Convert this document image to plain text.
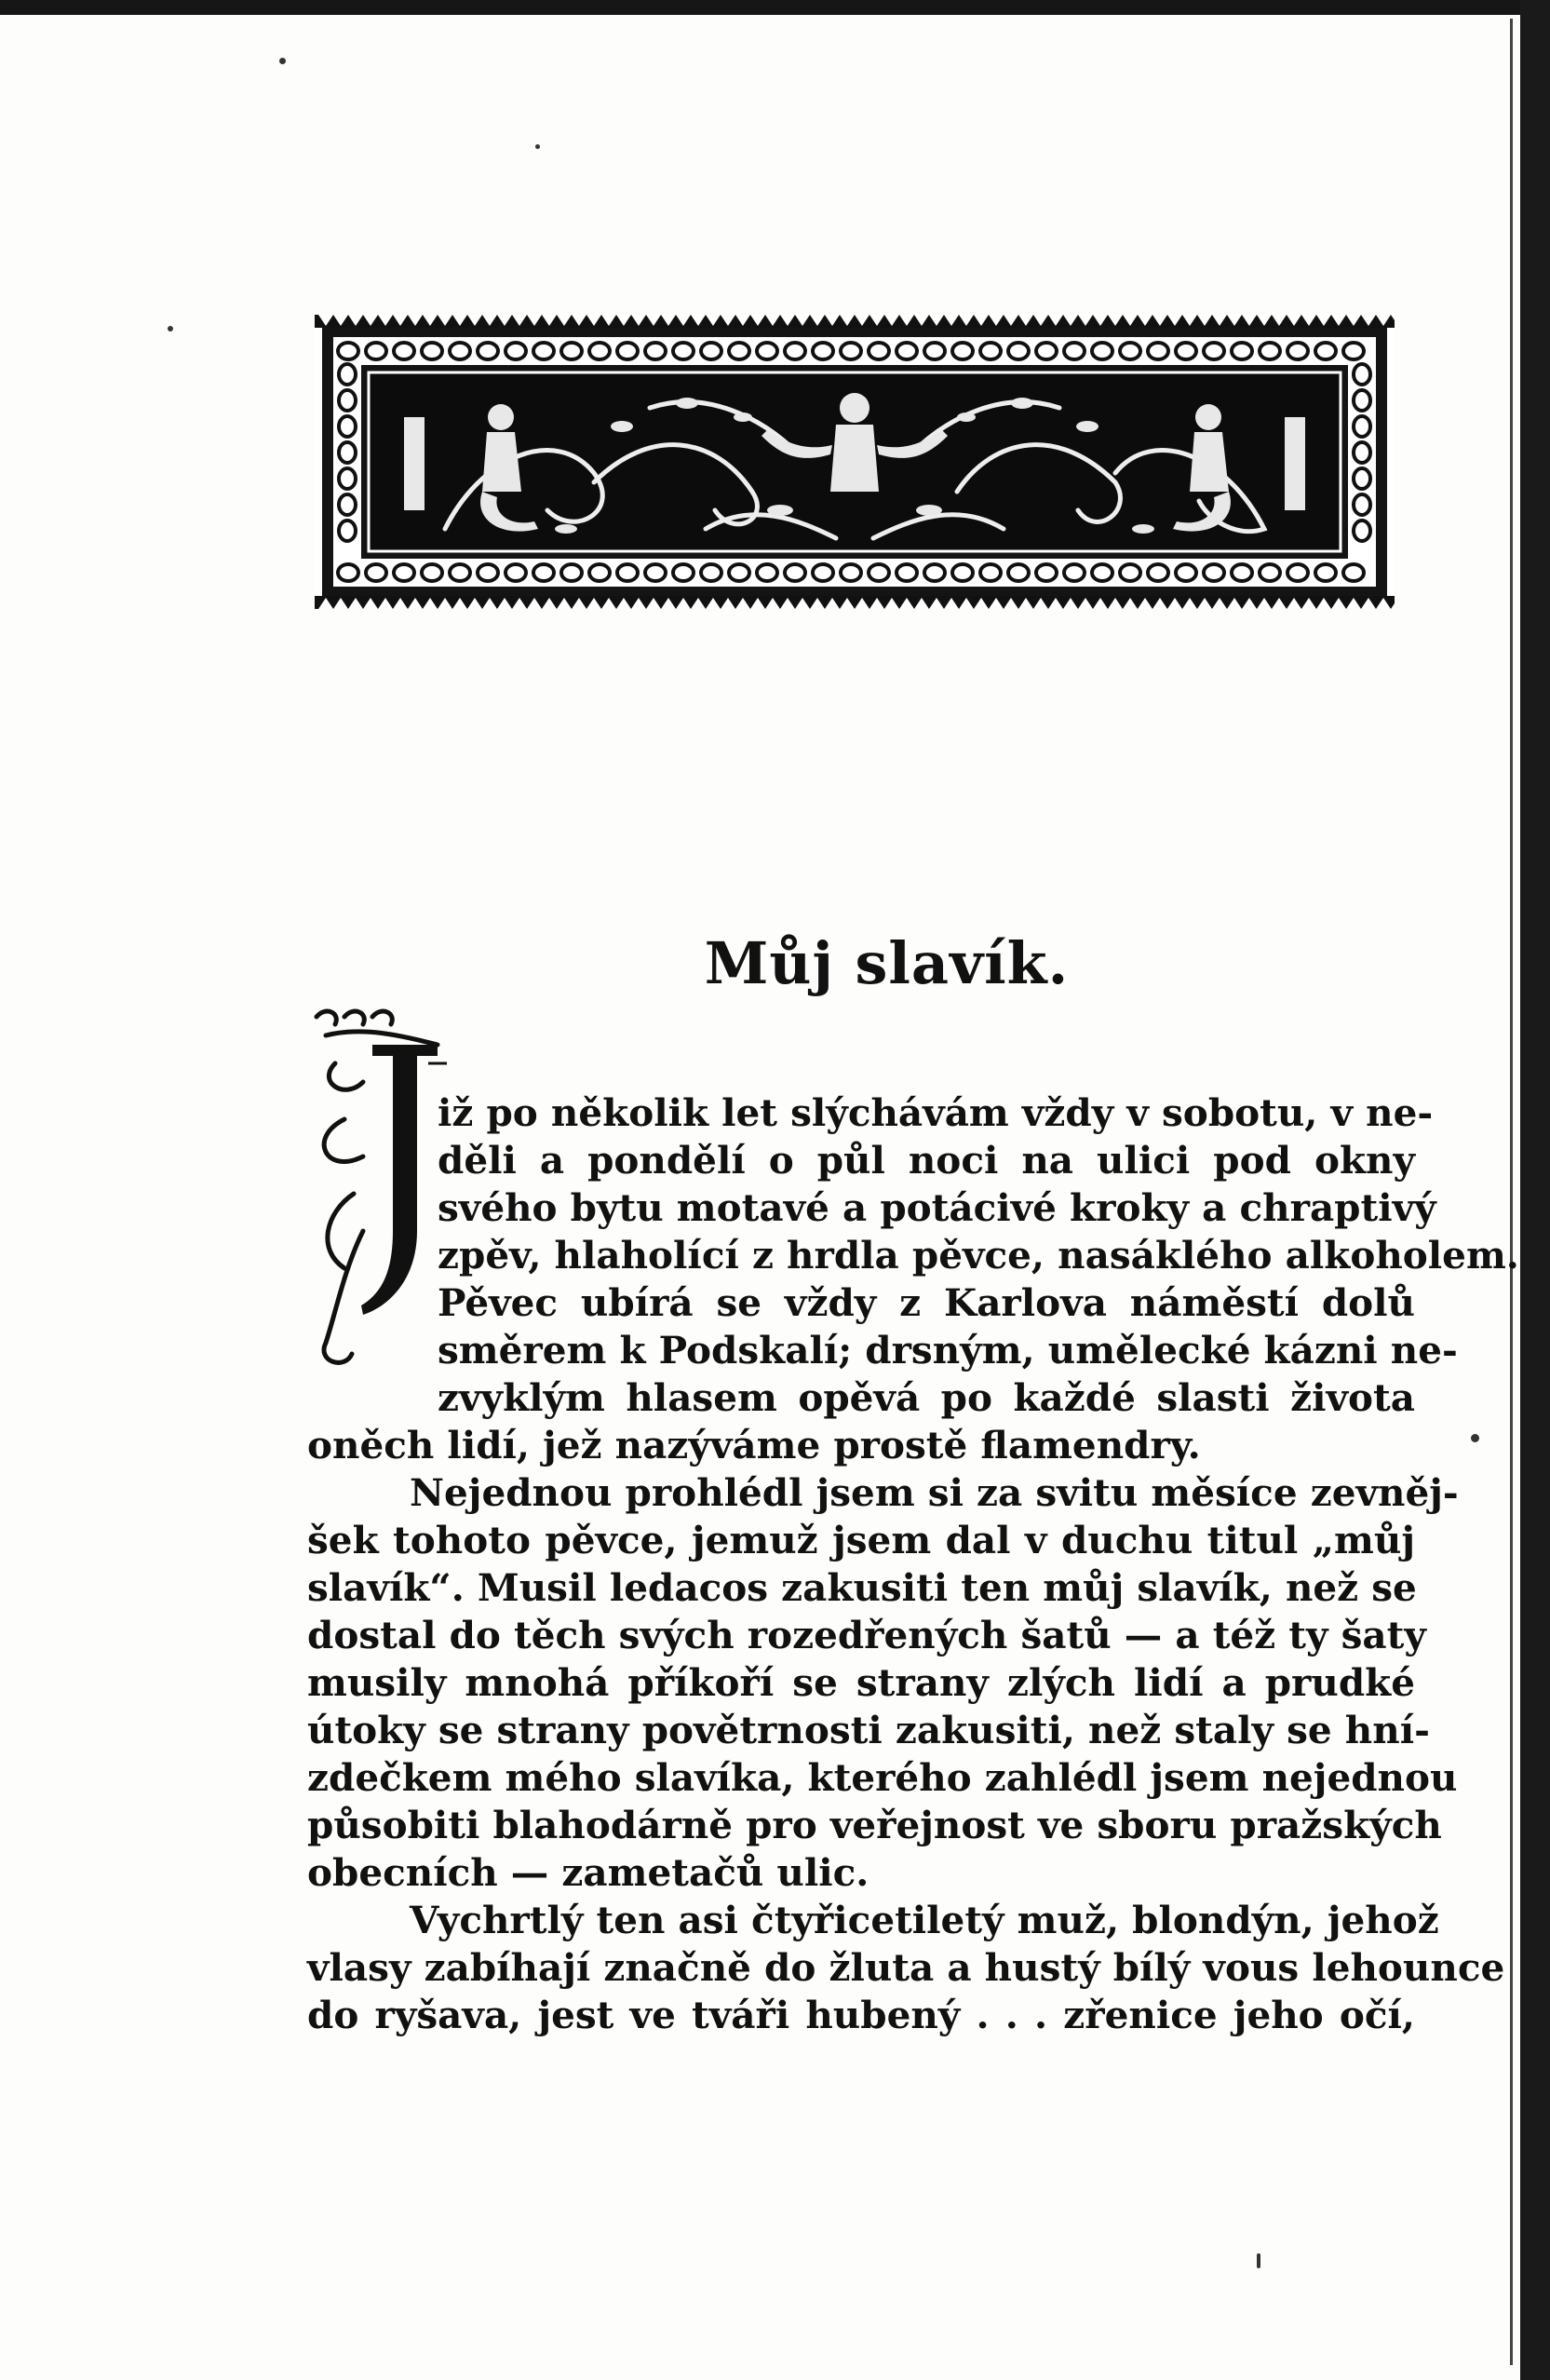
Můj slavík.
iž po několik let slýchávám vždy v sobotu, v ne-
děli a pondělí o půl noci na ulici pod okny
svého bytu motavé a potácivé kroky a chraptivý
zpěv, hlaholící z hrdla pěvce, nasáklého alkoholem.
Pěvec ubírá se vždy z Karlova náměstí dolů
směrem k Podskalí; drsným, umělecké kázni ne-
zvyklým hlasem opěvá po každé slasti života
oněch lidí, jež nazýváme prostě flamendry.
Nejednou prohlédl jsem si za svitu měsíce zevněj-
šek tohoto pěvce, jemuž jsem dal v duchu titul „můj
slavík“. Musil ledacos zakusiti ten můj slavík, než se
dostal do těch svých rozedřených šatů — a též ty šaty
musily mnohá příkoří se strany zlých lidí a prudké
útoky se strany povětrnosti zakusiti, než staly se hní-
zdečkem mého slavíka, kterého zahlédl jsem nejednou
působiti blahodárně pro veřejnost ve sboru pražských
obecních — zametačů ulic.
Vychrtlý ten asi čtyřicetiletý muž, blondýn, jehož
vlasy zabíhají značně do žluta a hustý bílý vous lehounce
do ryšava, jest ve tváři hubený . . . zřenice jeho očí,
